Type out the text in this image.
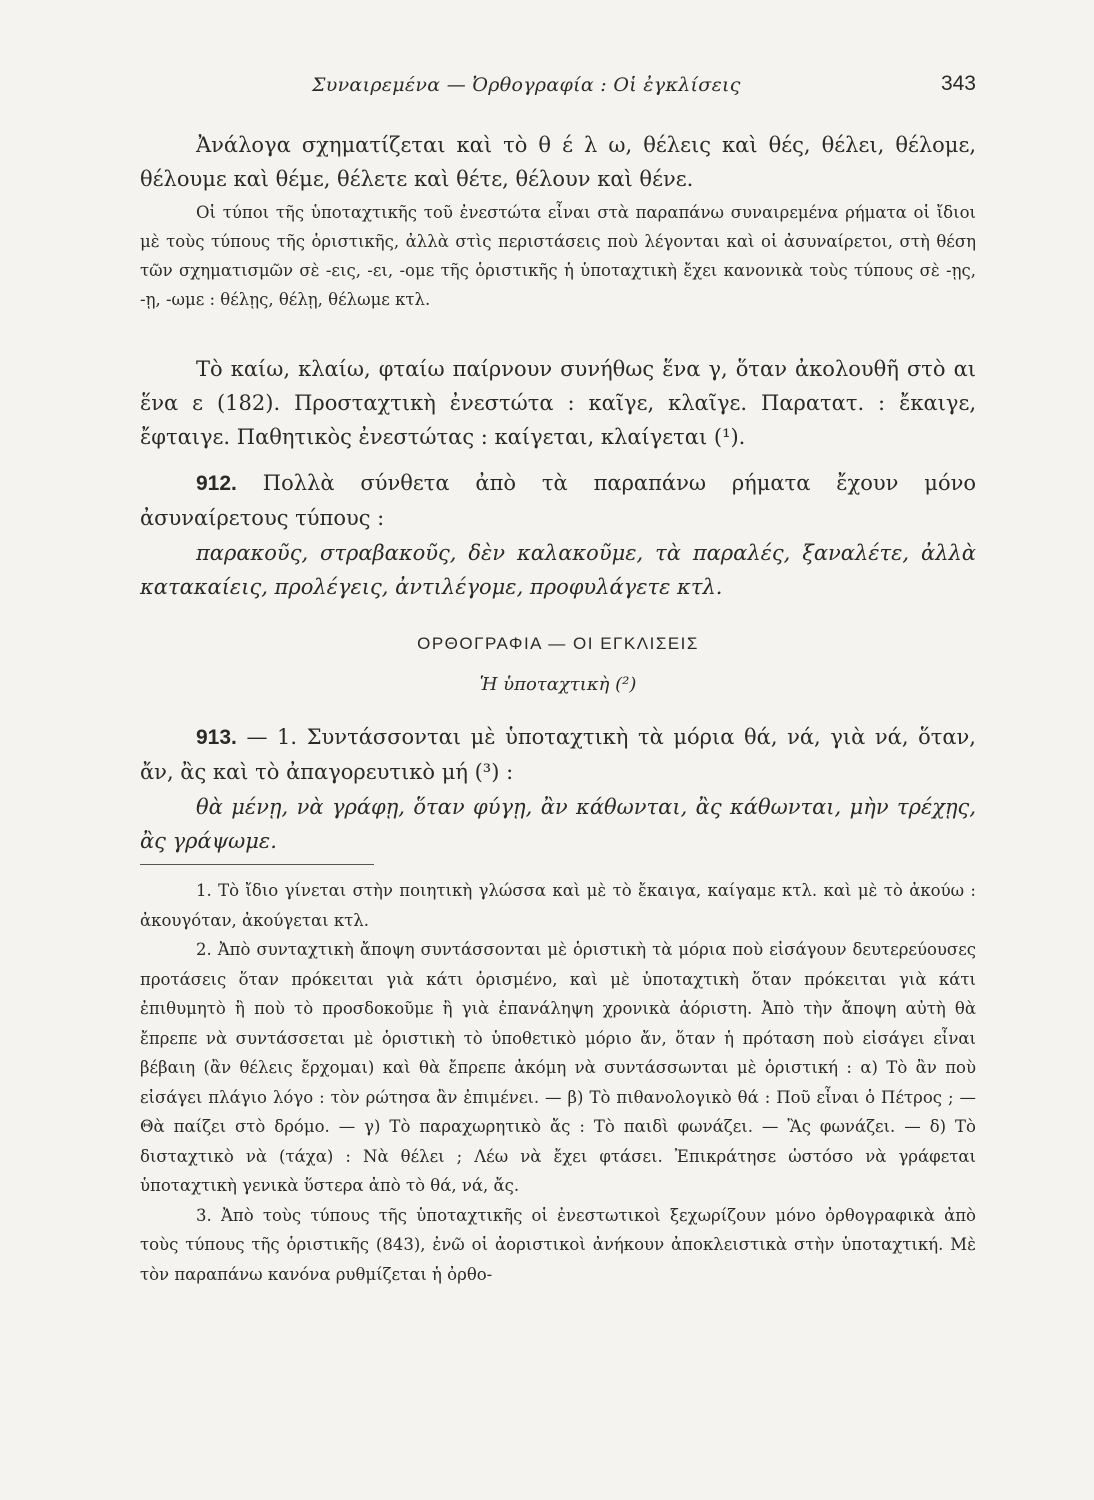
Συναιρεμένα — Ὀρθογραφία : Οἱ ἐγκλίσεις	343

Ἀνάλογα σχηματίζεται καὶ τὸ θ έ λ ω, θέλεις καὶ θές, θέλει, θέλομε, θέλουμε καὶ θέμε, θέλετε καὶ θέτε, θέλουν καὶ θένε.

Οἱ τύποι τῆς ὑποταχτικῆς τοῦ ἐνεστώτα εἶναι στὰ παραπάνω συναιρεμένα ρήματα οἱ ἴδιοι μὲ τοὺς τύπους τῆς ὁριστικῆς, ἀλλὰ στὶς περιστάσεις ποὺ λέγονται καὶ οἱ ἀσυναίρετοι, στὴ θέση τῶν σχηματισμῶν σὲ -εις, -ει, -ομε τῆς ὁριστικῆς ἡ ὑποταχτικὴ ἔχει κανονικὰ τοὺς τύπους σὲ -ῃς, -ῃ, -ωμε : θέλῃς, θέλῃ, θέλωμε κτλ.

Τὸ καίω, κλαίω, φταίω παίρνουν συνήθως ἕνα γ, ὅταν ἀκολουθῆ στὸ αι ἕνα ε (182). Προσταχτικὴ ἐνεστώτα : καῖγε, κλαῖγε. Παρατατ. : ἔκαιγε, ἔφταιγε. Παθητικὸς ἐνεστώτας : καίγεται, κλαίγεται (¹).

912. Πολλὰ σύνθετα ἀπὸ τὰ παραπάνω ρήματα ἔχουν μόνο ἀσυναίρετους τύπους :

παρακοῦς, στραβακοῦς, δὲν καλακοῦμε, τὰ παραλές, ξαναλέτε, ἀλλὰ κατακαίεις, προλέγεις, ἀντιλέγομε, προφυλάγετε κτλ.

ΟΡΘΟΓΡΑΦΙΑ — ΟΙ ΕΓΚΛΙΣΕΙΣ
Ἡ ὑποταχτικὴ (²)

913. — 1. Συντάσσονται μὲ ὑποταχτικὴ τὰ μόρια θά, νά, γιὰ νά, ὅταν, ἄν, ἂς καὶ τὸ ἀπαγορευτικὸ μή (³) :

θὰ μένῃ, νὰ γράφῃ, ὅταν φύγῃ, ἂν κάθωνται, ἂς κάθωνται, μὴν τρέχῃς, ἂς γράψωμε.

1. Τὸ ἴδιο γίνεται στὴν ποιητικὴ γλώσσα καὶ μὲ τὸ ἔκαιγα, καίγαμε κτλ. καὶ μὲ τὸ ἀκούω : ἀκουγόταν, ἀκούγεται κτλ.

2. Ἀπὸ συνταχτικὴ ἄποψη συντάσσονται μὲ ὁριστικὴ τὰ μόρια ποὺ εἰσάγουν δευτερεύουσες προτάσεις ὅταν πρόκειται γιὰ κάτι ὁρισμένο, καὶ μὲ ὑποταχτικὴ ὅταν πρόκειται γιὰ κάτι ἐπιθυμητὸ ἢ ποὺ τὸ προσδοκοῦμε ἢ γιὰ ἐπανάληψη χρονικὰ ἀόριστη. Ἀπὸ τὴν ἄποψη αὐτὴ θὰ ἔπρεπε νὰ συντάσσεται μὲ ὁριστικὴ τὸ ὑποθετικὸ μόριο ἄν, ὅταν ἡ πρόταση ποὺ εἰσάγει εἶναι βέβαιη (ἂν θέλεις ἔρχομαι) καὶ θὰ ἔπρεπε ἀκόμη νὰ συντάσσωνται μὲ ὁριστική : α) Τὸ ἂν ποὺ εἰσάγει πλάγιο λόγο : τὸν ρώτησα ἂν ἐπιμένει. — β) Τὸ πιθανολογικὸ θά : Ποῦ εἶναι ὁ Πέτρος ; — Θὰ παίζει στὸ δρόμο. — γ) Τὸ παραχωρητικὸ ἄς : Τὸ παιδὶ φωνάζει. — Ἂς φωνάζει. — δ) Τὸ δισταχτικὸ νὰ (τάχα) : Νὰ θέλει ; Λέω νὰ ἔχει φτάσει. Ἐπικράτησε ὡστόσο νὰ γράφεται ὑποταχτικὴ γενικὰ ὕστερα ἀπὸ τὸ θά, νά, ἄς.

3. Ἀπὸ τοὺς τύπους τῆς ὑποταχτικῆς οἱ ἐνεστωτικοὶ ξεχωρίζουν μόνο ὀρθογραφικὰ ἀπὸ τοὺς τύπους τῆς ὁριστικῆς (843), ἐνῶ οἱ ἀοριστικοὶ ἀνήκουν ἀποκλειστικὰ στὴν ὑποταχτική. Μὲ τὸν παραπάνω κανόνα ρυθμίζεται ἡ ὀρθο-
